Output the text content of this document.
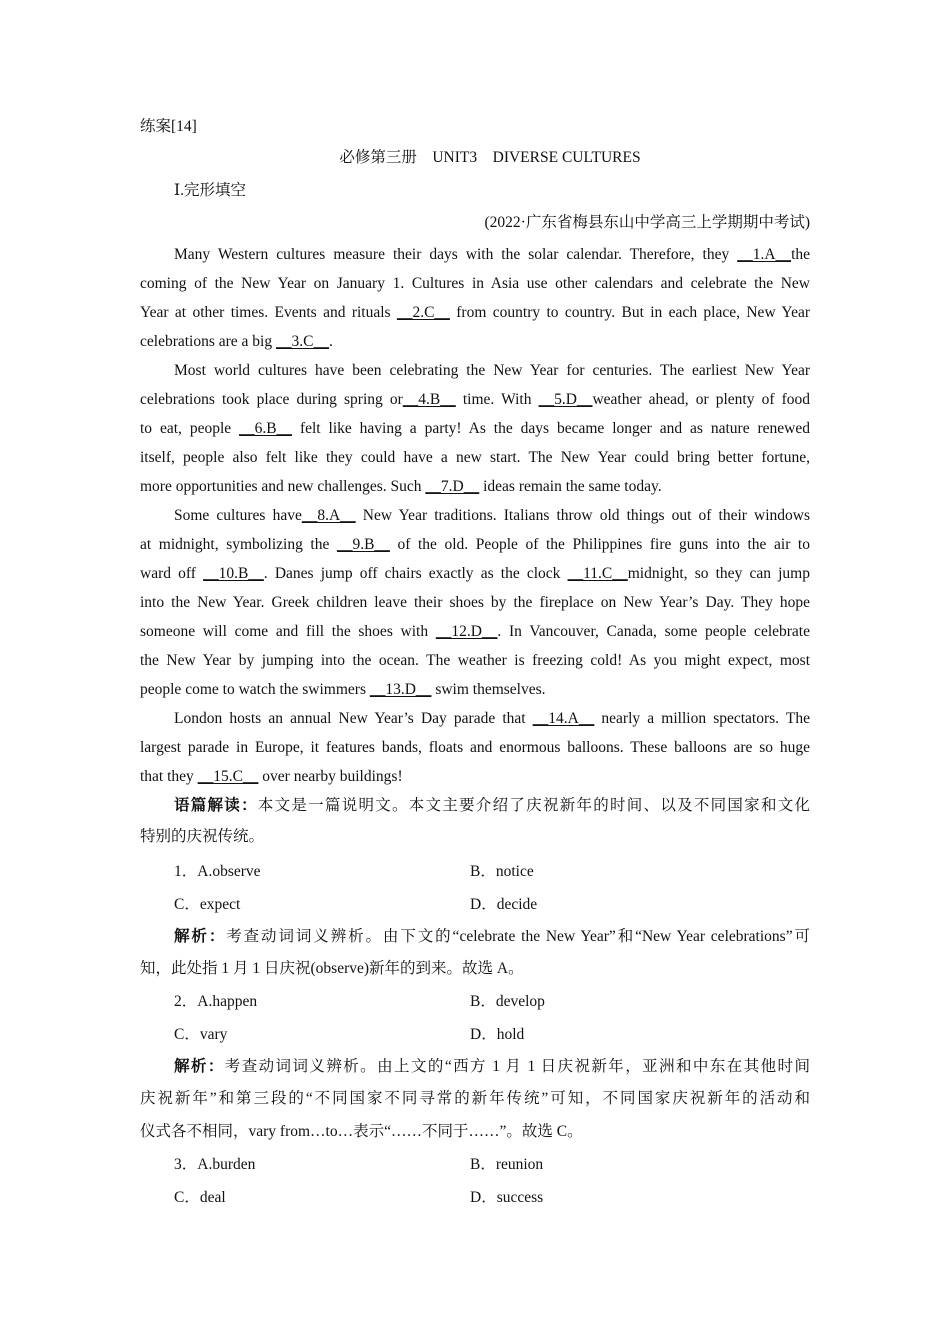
练案[14]
必修第三册　UNIT3　DIVERSE CULTURES
Ⅰ.完形填空
(2022·广东省梅县东山中学高三上学期期中考试)
Many Western cultures measure their days with the solar calendar. Therefore, they __1.A__the
coming of the New Year on January 1. Cultures in Asia use other calendars and celebrate the New
Year at other times. Events and rituals __2.C__ from country to country. But in each place, New Year
celebrations are a big __3.C__.
Most world cultures have been celebrating the New Year for centuries. The earliest New Year
celebrations took place during spring or__4.B__ time. With __5.D__weather ahead, or plenty of food
to eat, people __6.B__ felt like having a party! As the days became longer and as nature renewed
itself, people also felt like they could have a new start. The New Year could bring better fortune,
more opportunities and new challenges. Such __7.D__ ideas remain the same today.
Some cultures have__8.A__ New Year traditions. Italians throw old things out of their windows
at midnight, symbolizing the __9.B__ of the old. People of the Philippines fire guns into the air to
ward off __10.B__. Danes jump off chairs exactly as the clock __11.C__midnight, so they can jump
into the New Year. Greek children leave their shoes by the fireplace on New Year’s Day. They hope
someone will come and fill the shoes with __12.D__. In Vancouver, Canada, some people celebrate
the New Year by jumping into the ocean. The weather is freezing cold! As you might expect, most
people come to watch the swimmers __13.D__ swim themselves.
London hosts an annual New Year’s Day parade that __14.A__ nearly a million spectators. The
largest parade in Europe, it features bands, floats and enormous balloons. These balloons are so huge
that they __15.C__ over nearby buildings!
语篇解读：本文是一篇说明文。本文主要介绍了庆祝新年的时间、以及不同国家和文化
特别的庆祝传统。
1．A.observe	B．notice
C．expect	D．decide
解析：考查动词词义辨析。由下文的“celebrate the New Year”和“New Year celebrations”可
知，此处指 1 月 1 日庆祝(observe)新年的到来。故选 A。
2．A.happen	B．develop
C．vary	D．hold
解析：考查动词词义辨析。由上文的“西方 1 月 1 日庆祝新年，亚洲和中东在其他时间
庆祝新年”和第三段的“不同国家不同寻常的新年传统”可知，不同国家庆祝新年的活动和
仪式各不相同，vary from…to…表示“……不同于……”。故选 C。
3．A.burden	B．reunion
C．deal	D．success
